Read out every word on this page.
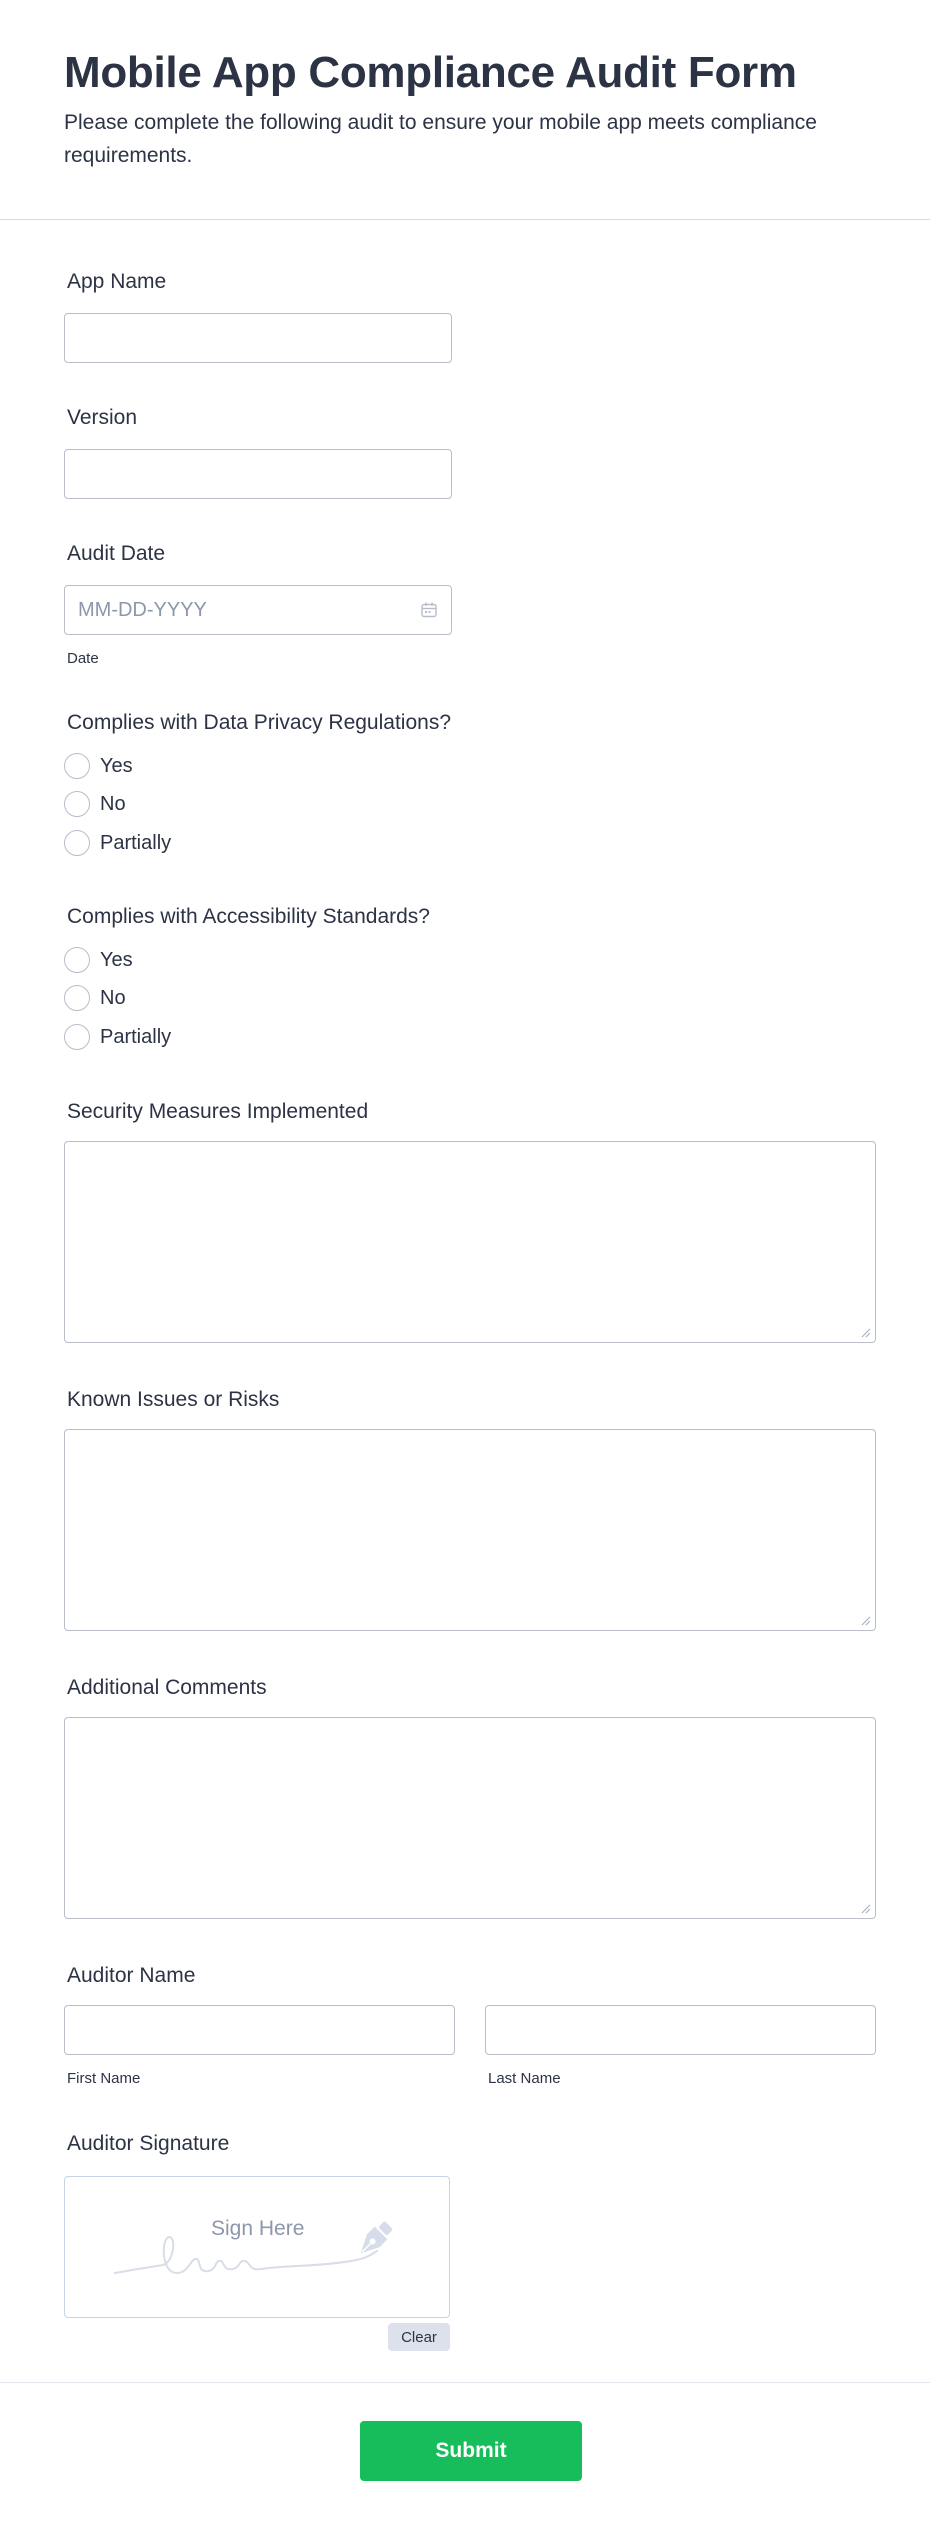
Mobile App Compliance Audit Form

Please complete the following audit to ensure your mobile app meets compliance requirements.

App Name
Version
Audit Date
MM-DD-YYYY
Date
Complies with Data Privacy Regulations?
Yes
No
Partially
Complies with Accessibility Standards?
Yes
No
Partially
Security Measures Implemented
Known Issues or Risks
Additional Comments
Auditor Name
First Name	Last Name
Auditor Signature
Sign Here
Clear
Submit
